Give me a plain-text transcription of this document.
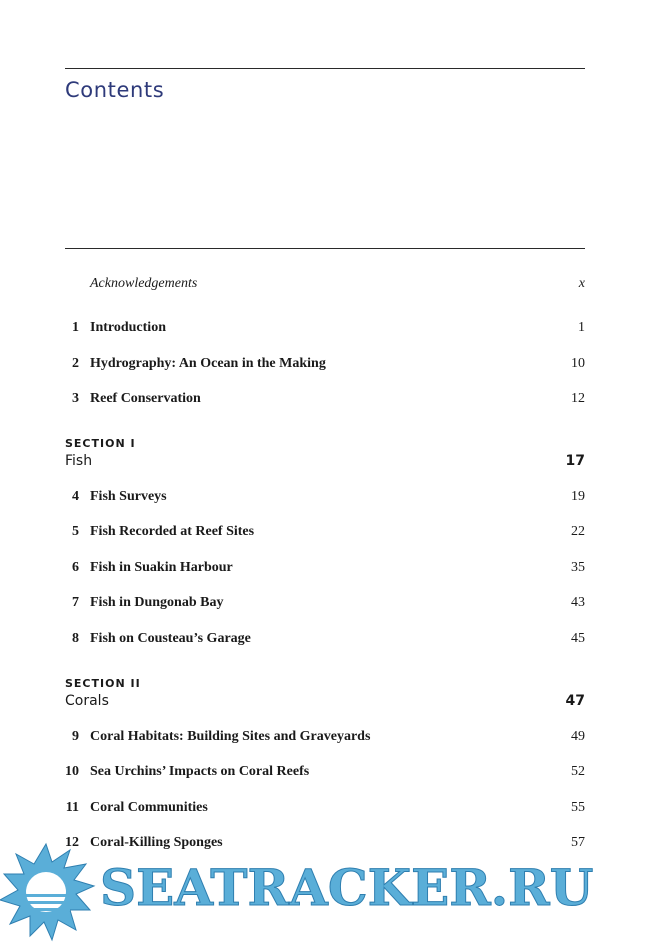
Contents
Acknowledgements	x
1 Introduction	1
2 Hydrography: An Ocean in the Making	10
3 Reef Conservation	12
SECTION I
Fish	17
4 Fish Surveys	19
5 Fish Recorded at Reef Sites	22
6 Fish in Suakin Harbour	35
7 Fish in Dungonab Bay	43
8 Fish on Cousteau’s Garage	45
SECTION II
Corals	47
9 Coral Habitats: Building Sites and Graveyards	49
10 Sea Urchins’ Impacts on Coral Reefs	52
11 Coral Communities	55
12 Coral-Killing Sponges	57
SEATRACKER.RU
